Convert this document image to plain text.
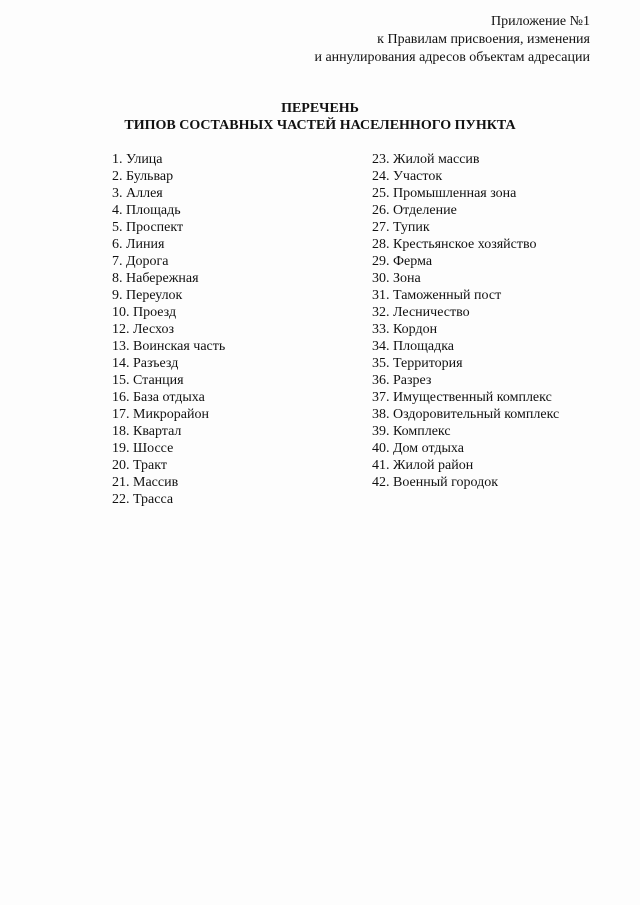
Приложение №1
к Правилам присвоения, изменения
и аннулирования адресов объектам адресации
ПЕРЕЧЕНЬ
ТИПОВ СОСТАВНЫХ ЧАСТЕЙ НАСЕЛЕННОГО ПУНКТА
1. Улица
2. Бульвар
3. Аллея
4. Площадь
5. Проспект
6. Линия
7. Дорога
8. Набережная
9. Переулок
10. Проезд
12. Лесхоз
13. Воинская часть
14. Разъезд
15. Станция
16. База отдыха
17. Микрорайон
18. Квартал
19. Шоссе
20. Тракт
21. Массив
22. Трасса
23. Жилой массив
24. Участок
25. Промышленная зона
26. Отделение
27. Тупик
28. Крестьянское хозяйство
29. Ферма
30. Зона
31. Таможенный пост
32. Лесничество
33. Кордон
34. Площадка
35. Территория
36. Разрез
37. Имущественный комплекс
38. Оздоровительный комплекс
39. Комплекс
40. Дом отдыха
41. Жилой район
42. Военный городок
